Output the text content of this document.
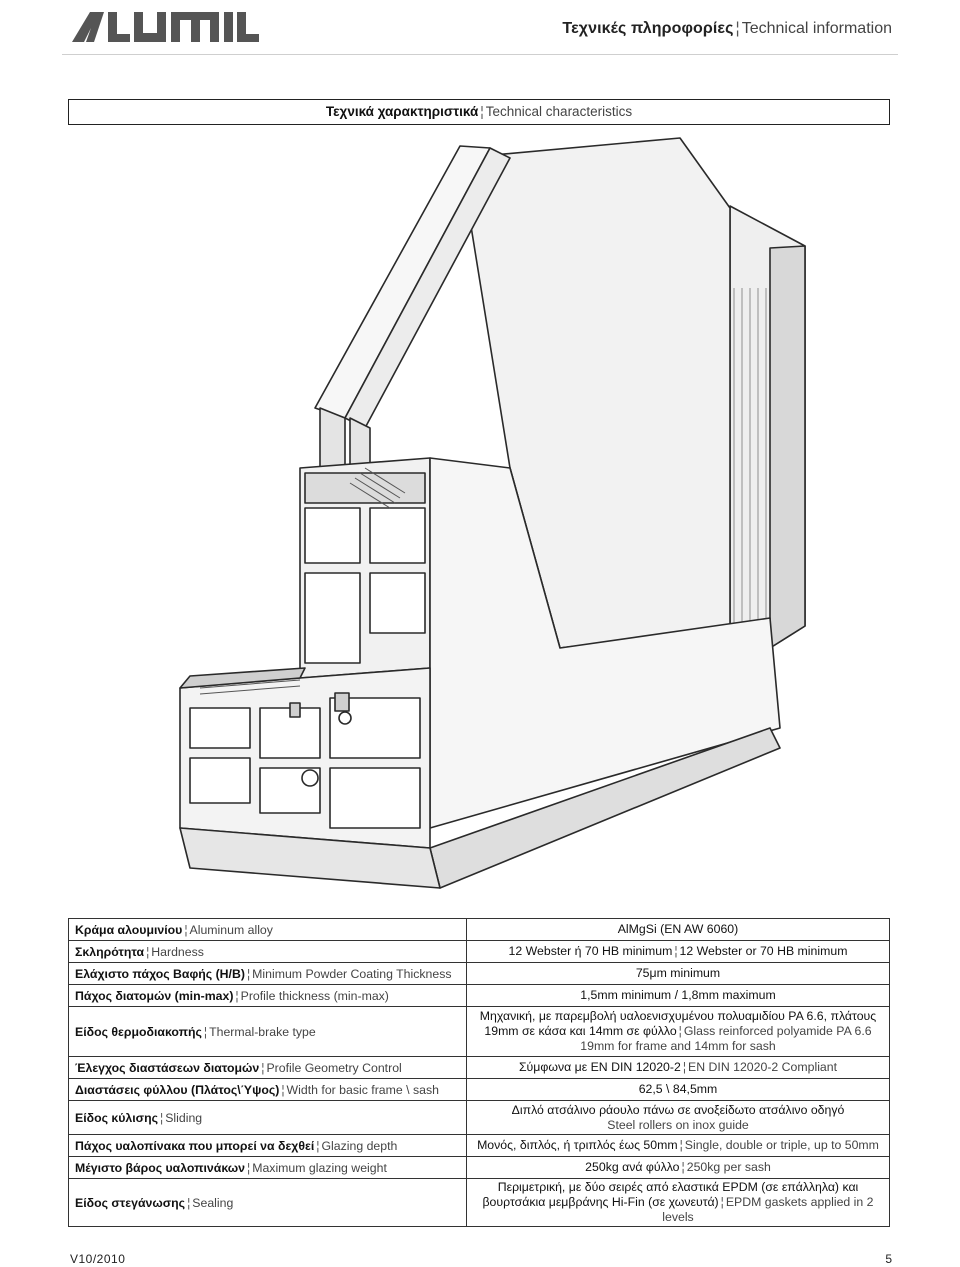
Τεχνικές πληροφορίες ¦ Technical information
Τεχνικά χαρακτηριστικά ¦ Technical characteristics
Κράμα αλουμινίου ¦ Aluminum alloy	AlMgSi (EN AW 6060)
Σκληρότητα ¦ Hardness	12 Webster ή 70 HB minimum ¦ 12 Webster or 70 HB minimum
Ελάχιστο πάχος Βαφής (H/B) ¦ Minimum Powder Coating Thickness	75μm minimum
Πάχος διατομών (min-max) ¦ Profile thickness (min-max)	1,5mm minimum / 1,8mm maximum
Είδος θερμοδιακοπής ¦ Thermal-brake type	Μηχανική, με παρεμβολή υαλοενισχυμένου πολυαμιδίου PA 6.6, πλάτους
19mm σε κάσα και 14mm σε φύλλο ¦ Glass reinforced polyamide PA 6.6
19mm for frame and 14mm for sash

Έλεγχος διαστάσεων διατομών ¦ Profile Geometry Control	Σύμφωνα με EN DIN 12020-2 ¦ EN DIN 12020-2 Compliant
Διαστάσεις φύλλου (Πλάτος\Ύψος) ¦ Width for basic frame \ sash	62,5 \ 84,5mm
Είδος κύλισης ¦ Sliding	Διπλό ατσάλινο ράουλο πάνω σε ανοξείδωτο ατσάλινο οδηγό
Steel rollers on inox guide

Πάχος υαλοπίνακα που μπορεί να δεχθεί ¦ Glazing depth	Μονός, διπλός, ή τριπλός έως 50mm ¦ Single, double or triple, up to 50mm
Μέγιστο βάρος υαλοπινάκων ¦ Maximum glazing weight	250kg ανά φύλλο ¦ 250kg per sash
Είδος στεγάνωσης ¦ Sealing	Περιμετρική, με δύο σειρές από ελαστικά EPDM (σε επάλληλα) και
βουρτσάκια μεμβράνης Hi-Fin (σε χωνευτά) ¦ EPDM gaskets applied in 2 levels
V10/2010	5
